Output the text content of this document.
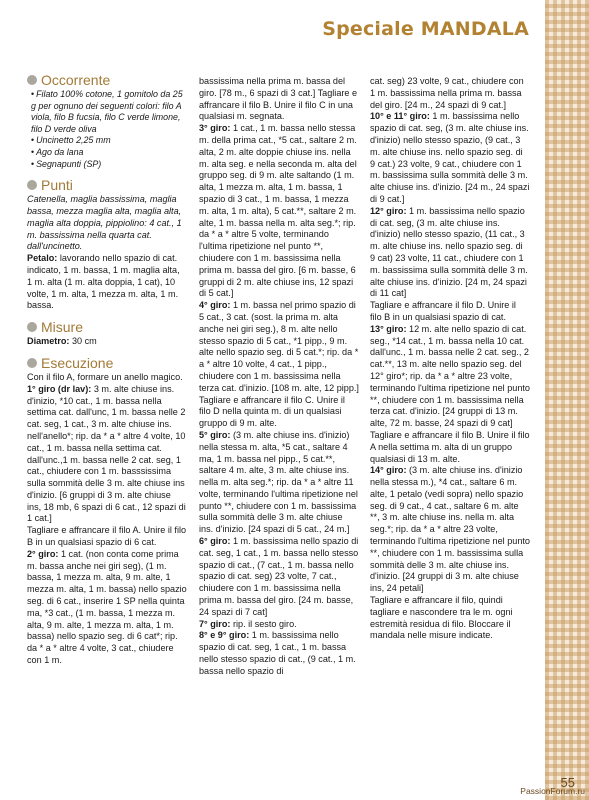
Speciale MANDALA
Occorrente

• Filato 100% cotone, 1 gomitolo da 25 g per ognuno dei seguenti colori: filo A viola, filo B fucsia, filo C verde limone, filo D verde oliva

• Uncinetto 2,25 mm

• Ago da lana

• Segnapunti (SP)

Punti

Catenella, maglia bassissima, maglia bassa, mezza maglia alta, maglia alta, maglia alta doppia, pippiolino: 4 cat., 1 m. bassissima nella quarta cat. dall'uncinetto.

Petalo: lavorando nello spazio di cat. indicato, 1 m. bassa, 1 m. maglia alta, 1 m. alta (1 m. alta doppia, 1 cat), 10 volte, 1 m. alta, 1 mezza m. alta, 1 m. bassa.

Misure

Diametro: 30 cm

Esecuzione

Con il filo A, formare un anello magico.

1° giro (dr lav): 3 m. alte chiuse ins. d'inizio, *10 cat., 1 m. bassa nella settima cat. dall'unc, 1 m. bassa nelle 2 cat. seg, 1 cat., 3 m. alte chiuse ins. nell'anello*; rip. da * a * altre 4 volte, 10 cat., 1 m. bassa nella settima cat. dall'unc.,1 m. bassa nelle 2 cat. seg, 1 cat., chiudere con 1 m. basssissima sulla sommità delle 3 m. alte chiuse ins d'inizio. [6 gruppi di 3 m. alte chiuse ins, 18 mb, 6 spazi di 6 cat., 12 spazi di 1 cat.]

Tagliare e affrancare il filo A. Unire il filo B in un qualsiasi spazio di 6 cat.

2° giro: 1 cat. (non conta come prima m. bassa anche nei giri seg), (1 m. bassa, 1 mezza m. alta, 9 m. alte, 1 mezza m. alta, 1 m. bassa) nello spazio seg. di 6 cat., inserire 1 SP nella quinta ma, *3 cat., (1 m. bassa, 1 mezza m. alta, 9 m. alte, 1 mezza m. alta, 1 m. bassa) nello spazio seg. di 6 cat*; rip. da * a * altre 4 volte, 3 cat., chiudere con 1 m.

bassissima nella prima m. bassa del giro. [78 m., 6 spazi di 3 cat.] Tagliare e affrancare il filo B. Unire il filo C in una qualsiasi m. segnata.

3° giro: 1 cat., 1 m. bassa nello stessa m. della prima cat., *5 cat., saltare 2 m. alta, 2 m. alte doppie chiuse ins. nella m. alta seg. e nella seconda m. alta del gruppo seg. di 9 m. alte saltando (1 m. alta, 1 mezza m. alta, 1 m. bassa, 1 spazio di 3 cat., 1 m. bassa, 1 mezza m. alta, 1 m. alta), 5 cat.**, saltare 2 m. alte, 1 m. bassa nella m. alta seg.*; rip. da * a * altre 5 volte, terminando l'ultima ripetizione nel punto **, chiudere con 1 m. bassissima nella prima m. bassa del giro. [6 m. basse, 6 gruppi di 2 m. alte chiuse ins, 12 spazi di 5 cat.]

4° giro: 1 m. bassa nel primo spazio di 5 cat., 3 cat. (sost. la prima m. alta anche nei giri seg.), 8 m. alte nello stesso spazio di 5 cat., *1 pipp., 9 m. alte nello spazio seg. di 5 cat.*; rip. da * a * altre 10 volte, 4 cat., 1 pipp., chiudere con 1 m. bassissima nella terza cat. d'inizio. [108 m. alte, 12 pipp.]

Tagliare e affrancare il filo C. Unire il filo D nella quinta m. di un qualsiasi gruppo di 9 m. alte.

5° giro: (3 m. alte chiuse ins. d'inizio) nella stessa m. alta, *5 cat., saltare 4 ma, 1 m. bassa nel pipp., 5 cat.**, saltare 4 m. alte, 3 m. alte chiuse ins. nella m. alta seg.*; rip. da * a * altre 11 volte, terminando l'ultima ripetizione nel punto **, chiudere con 1 m. bassissima sulla sommità delle 3 m. alte chiuse ins. d'inizio. [24 spazi di 5 cat., 24 m.]

6° giro: 1 m. bassissima nello spazio di cat. seg, 1 cat., 1 m. bassa nello stesso spazio di cat., (7 cat., 1 m. bassa nello spazio di cat. seg) 23 volte, 7 cat., chiudere con 1 m. bassissima nella prima m. bassa del giro. [24 m. basse, 24 spazi di 7 cat]

7° giro: rip. il sesto giro.

8° e 9° giro: 1 m. bassissima nello spazio di cat. seg, 1 cat., 1 m. bassa nello stesso spazio di cat., (9 cat., 1 m. bassa nello spazio di

cat. seg) 23 volte, 9 cat., chiudere con 1 m. bassissima nella prima m. bassa del giro. [24 m., 24 spazi di 9 cat.]

10° e 11° giro: 1 m. bassissima nello spazio di cat. seg, (3 m. alte chiuse ins. d'inizio) nello stesso spazio, (9 cat., 3 m. alte chiuse ins. nello spazio seg. di 9 cat.) 23 volte, 9 cat., chiudere con 1 m. bassissima sulla sommità delle 3 m. alte chiuse ins. d'inizio. [24 m., 24 spazi di 9 cat.]

12° giro: 1 m. bassissima nello spazio di cat. seg, (3 m. alte chiuse ins. d'inizio) nello stesso spazio, (11 cat., 3 m. alte chiuse ins. nello spazio seg. di 9 cat) 23 volte, 11 cat., chiudere con 1 m. bassissima sulla sommità delle 3 m. alte chiuse ins. d'inizio. [24 m, 24 spazi di 11 cat]

Tagliare e affrancare il filo D. Unire il filo B in un qualsiasi spazio di cat.

13° giro: 12 m. alte nello spazio di cat. seg., *14 cat., 1 m. bassa nella 10 cat. dall'unc., 1 m. bassa nelle 2 cat. seg., 2 cat.**, 13 m. alte nello spazio seg. del 12° giro*; rip. da * a * altre 23 volte, terminando l'ultima ripetizione nel punto **, chiudere con 1 m. bassissima nella terza cat. d'inizio. [24 gruppi di 13 m. alte, 72 m. basse, 24 spazi di 9 cat]

Tagliare e affrancare il filo B. Unire il filo A nella settima m. alta di un gruppo qualsiasi di 13 m. alte.

14° giro: (3 m. alte chiuse ins. d'inizio nella stessa m.), *4 cat., saltare 6 m. alte, 1 petalo (vedi sopra) nello spazio seg. di 9 cat., 4 cat., saltare 6 m. alte **, 3 m. alte chiuse ins. nella m. alta seg.*; rip. da * a * altre 23 volte, terminando l'ultima ripetizione nel punto **, chiudere con 1 m. bassissima sulla sommità delle 3 m. alte chiuse ins. d'inizio. [24 gruppi di 3 m. alte chiuse ins, 24 petali]

Tagliare e affrancare il filo, quindi tagliare e nascondere tra le m. ogni estremità residua di filo. Bloccare il mandala nelle misure indicate.

55
PassionForum.ru
